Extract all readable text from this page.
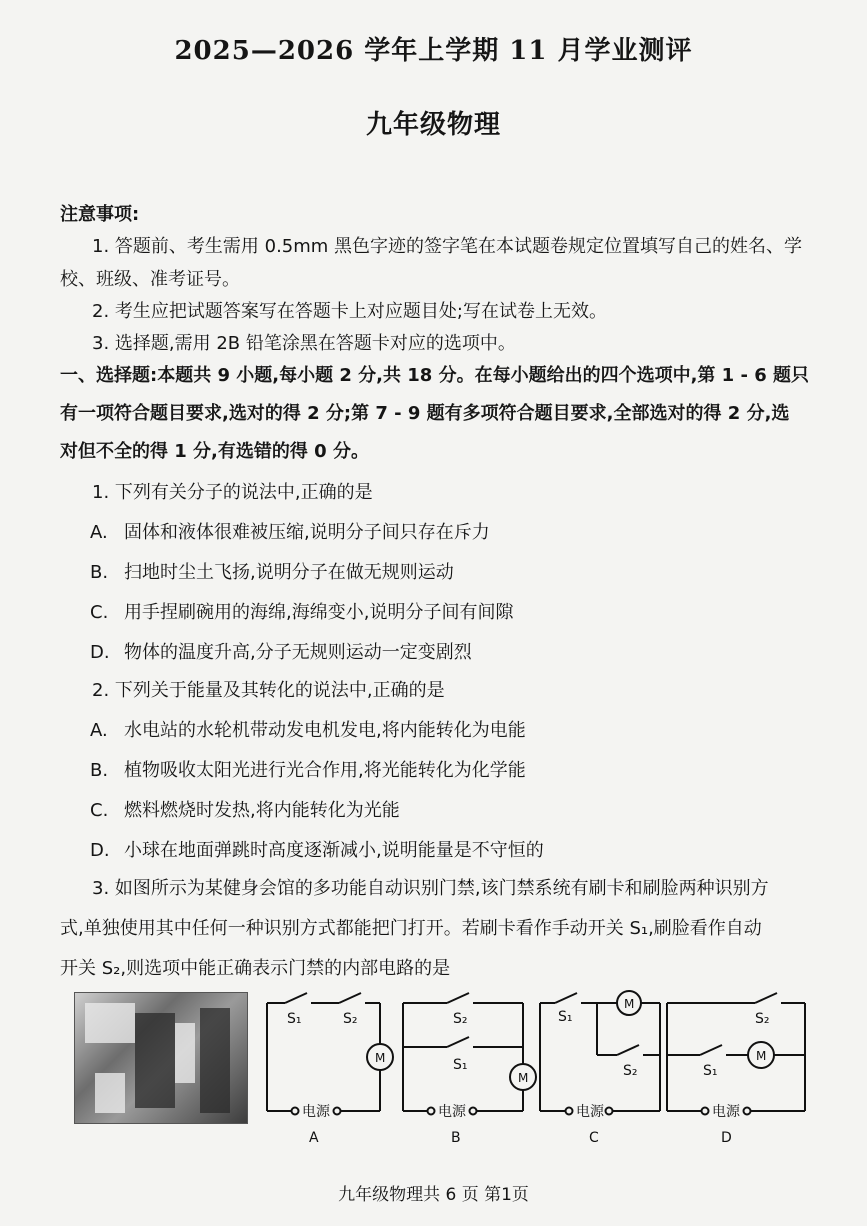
2025—2026 学年上学期 11 月学业测评
九年级物理
注意事项:
1. 答题前、考生需用 0.5mm 黑色字迹的签字笔在本试题卷规定位置填写自己的姓名、学
校、班级、准考证号。
2. 考生应把试题答案写在答题卡上对应题目处;写在试卷上无效。
3. 选择题,需用 2B 铅笔涂黑在答题卡对应的选项中。
一、选择题:本题共 9 小题,每小题 2 分,共 18 分。在每小题给出的四个选项中,第 1 - 6 题只
有一项符合题目要求,选对的得 2 分;第 7 - 9 题有多项符合题目要求,全部选对的得 2 分,选
对但不全的得 1 分,有选错的得 0 分。
1. 下列有关分子的说法中,正确的是
A. 固体和液体很难被压缩,说明分子间只存在斥力
B. 扫地时尘土飞扬,说明分子在做无规则运动
C. 用手捏刷碗用的海绵,海绵变小,说明分子间有间隙
D. 物体的温度升高,分子无规则运动一定变剧烈
2. 下列关于能量及其转化的说法中,正确的是
A. 水电站的水轮机带动发电机发电,将内能转化为电能
B. 植物吸收太阳光进行光合作用,将光能转化为化学能
C. 燃料燃烧时发热,将内能转化为光能
D. 小球在地面弹跳时高度逐渐减小,说明能量是不守恒的
3. 如图所示为某健身会馆的多功能自动识别门禁,该门禁系统有刷卡和刷脸两种识别方
式,单独使用其中任何一种识别方式都能把门打开。若刷卡看作手动开关 S₁,刷脸看作自动
开关 S₂,则选项中能正确表示门禁的内部电路的是
S₁	S₂
M
电源
A
S₂
S₁
M
电源
B
S₁
M
S₂
电源
C
S₂
S₁
M
电源
D
九年级物理共 6 页 第1页
